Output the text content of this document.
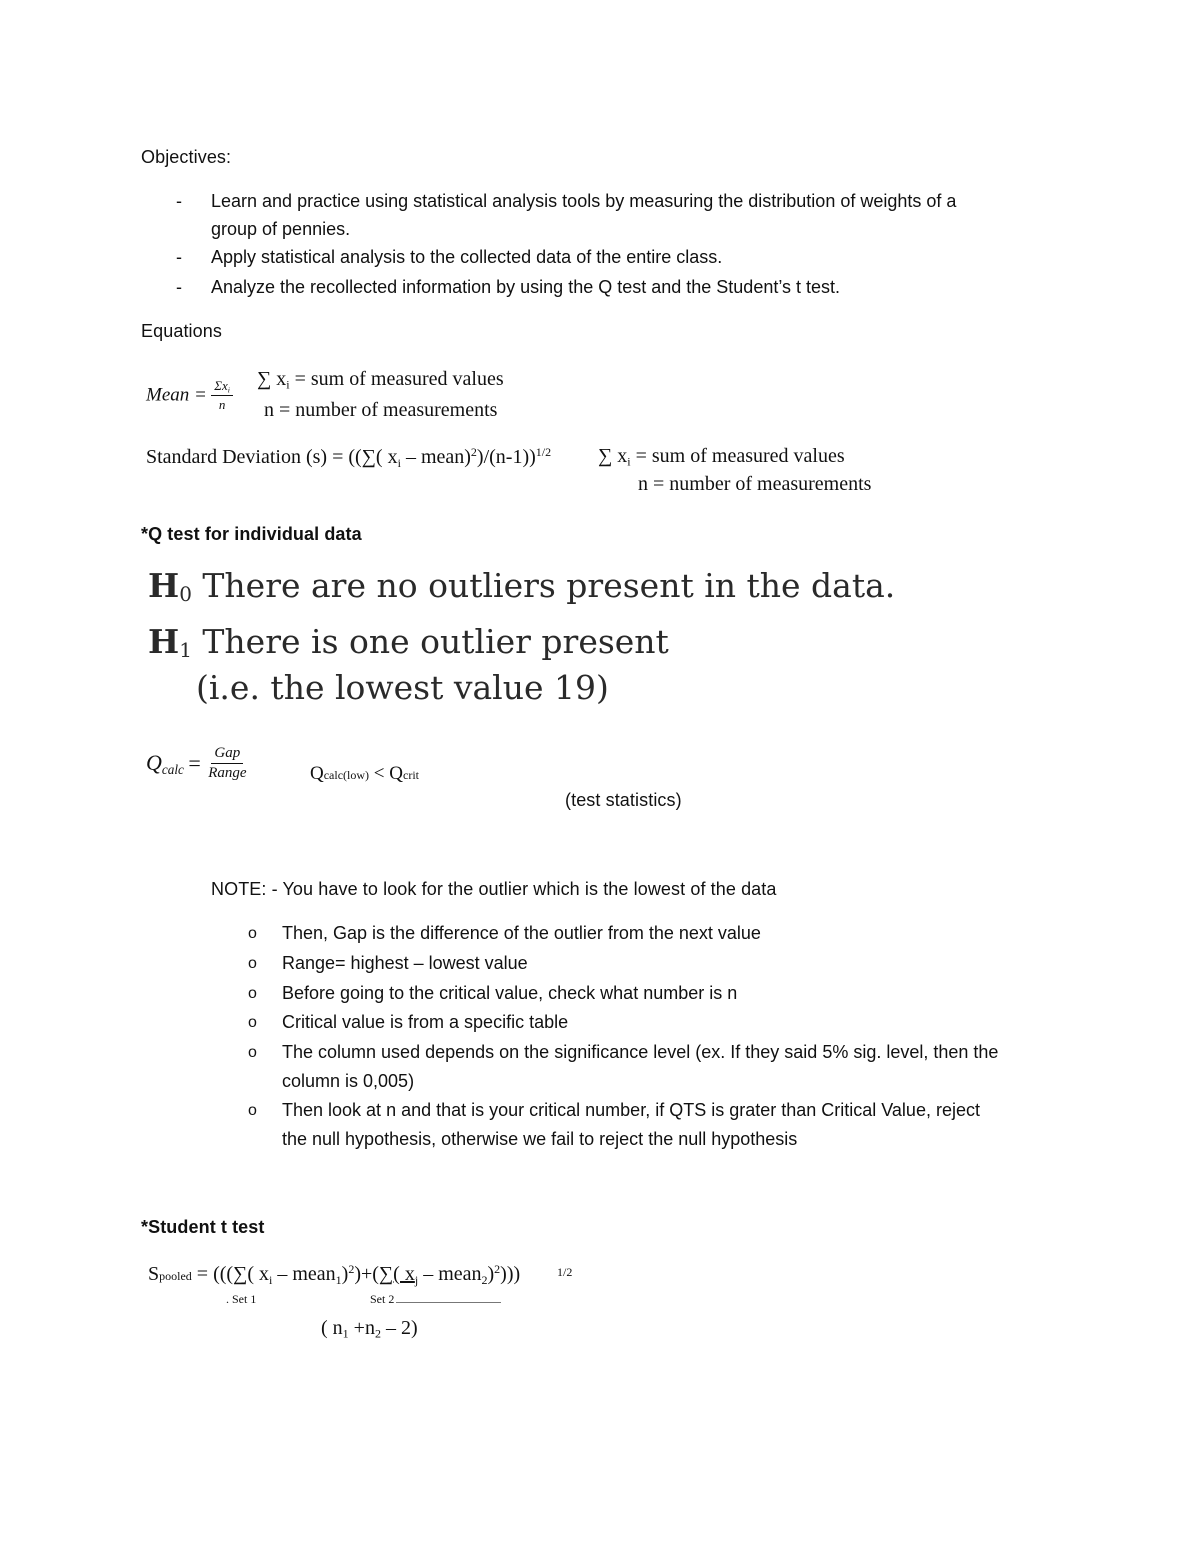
Objectives:
- Learn and practice using statistical analysis tools by measuring the distribution of weights of a
group of pennies.
- Apply statistical analysis to the collected data of the entire class.
- Analyze the recollected information by using the Q test and the Student’s t test.
Equations
Mean = $\frac{\Sigma x_i}{n}$ ∑ $x_i$ = sum of measured values
n = number of measurements
Standard Deviation (s) = ((∑( $x_i$ – mean)$^2$)/(n-1))$^{1/2}$ ∑ $x_i$ = sum of measured values
n = number of measurements
*Q test for individual data
$H_0$ There are no outliers present in the data.
$H_1$ There is one outlier present
(i.e. the lowest value 19)
$Q_{calc} = \frac{\text{Gap}}{\text{Range}}$	Qcalc(low) < Qcrit
(test statistics)
NOTE: - You have to look for the outlier which is the lowest of the data
o Then, Gap is the difference of the outlier from the next value
o Range= highest – lowest value
o Before going to the critical value, check what number is n
o Critical value is from a specific table
o The column used depends on the significance level (ex. If they said 5% sig. level, then the
column is 0,005)
o Then look at n and that is your critical number, if QTS is grater than Critical Value, reject
the null hypothesis, otherwise we fail to reject the null hypothesis
*Student t test
Spooled = (((∑( $x_i$ – mean$_1$)$^2$)+(∑( $x_j$ – mean$_2$)$^2$)))	1/2
. Set 1	Set 2
( $n_1 +n_2 - 2$)
